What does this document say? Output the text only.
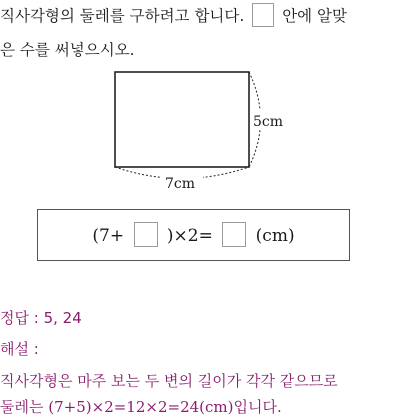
직사각형의 둘레를 구하려고 합니다. 안에 알맞
은 수를 써넣으시오.
5cm
7cm
(7+	)×2=	(cm)
정답 : 5, 24
해설 :
직사각형은 마주 보는 두 변의 길이가 각각 같으므로
둘레는 (7+5)×2=12×2=24(cm)입니다.
